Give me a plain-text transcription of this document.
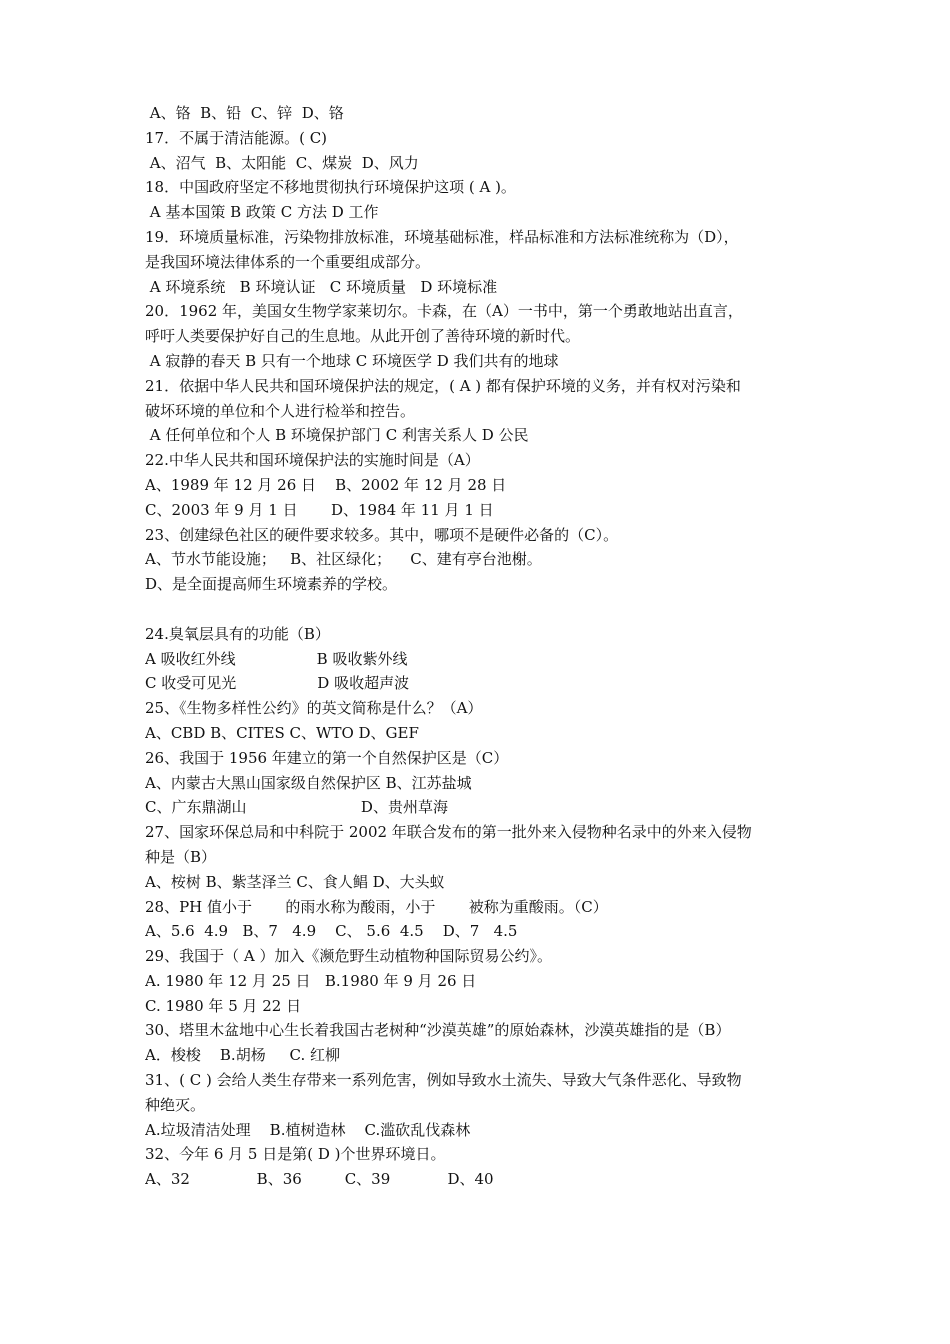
A、铬  B、铅  C、锌  D、铬
17．不属于清洁能源。( C)
A、沼气  B、太阳能  C、煤炭  D、风力
18．中国政府坚定不移地贯彻执行环境保护这项 ( A )。
A 基本国策 B 政策 C 方法 D 工作
19．环境质量标准，污染物排放标准，环境基础标准，样品标准和方法标准统称为（D），
是我国环境法律体系的一个重要组成部分。
A 环境系统   B 环境认证   C 环境质量   D 环境标准
20．1962 年，美国女生物学家莱切尔。卡森，在（A）一书中，第一个勇敢地站出直言，
呼吁人类要保护好自己的生息地。从此开创了善待环境的新时代。
A 寂静的春天 B 只有一个地球 C 环境医学 D 我们共有的地球
21．依据中华人民共和国环境保护法的规定，( A ) 都有保护环境的义务，并有权对污染和
破坏环境的单位和个人进行检举和控告。
A 任何单位和个人 B 环境保护部门 C 利害关系人 D 公民
22.中华人民共和国环境保护法的实施时间是（A）
A、1989 年 12 月 26 日    B、2002 年 12 月 28 日
C、2003 年 9 月 1 日       D、1984 年 11 月 1 日
23、创建绿色社区的硬件要求较多。其中，哪项不是硬件必备的（C）。
A、节水节能设施；   B、社区绿化；    C、建有亭台池榭。
D、是全面提高师生环境素养的学校。
24.臭氧层具有的功能（B）
A 吸收红外线                 B 吸收紫外线
C 收受可见光                 D 吸收超声波
25、《生物多样性公约》的英文简称是什么？（A）
A、CBD B、CITES C、WTO D、GEF
26、我国于 1956 年建立的第一个自然保护区是（C）
A、内蒙古大黑山国家级自然保护区 B、江苏盐城
C、广东鼎湖山                        D、贵州草海
27、国家环保总局和中科院于 2002 年联合发布的第一批外来入侵物种名录中的外来入侵物
种是（B）
A、桉树 B、紫茎泽兰 C、食人鲳 D、大头蚁
28、PH 值小于       的雨水称为酸雨，小于       被称为重酸雨。（C）
A、5.6  4.9   B、7   4.9    C、 5.6  4.5    D、7   4.5
29、我国于（ A ）加入《濒危野生动植物种国际贸易公约》。
A. 1980 年 12 月 25 日   B.1980 年 9 月 26 日
C. 1980 年 5 月 22 日
30、塔里木盆地中心生长着我国古老树种“沙漠英雄”的原始森林，沙漠英雄指的是（B）
A．梭梭    B.胡杨     C. 红柳
31、( C ) 会给人类生存带来一系列危害，例如导致水土流失、导致大气条件恶化、导致物
种绝灭。
A.垃圾清洁处理    B.植树造林    C.滥砍乱伐森林
32、今年 6 月 5 日是第( D )个世界环境日。
A、32              B、36         C、39            D、40
